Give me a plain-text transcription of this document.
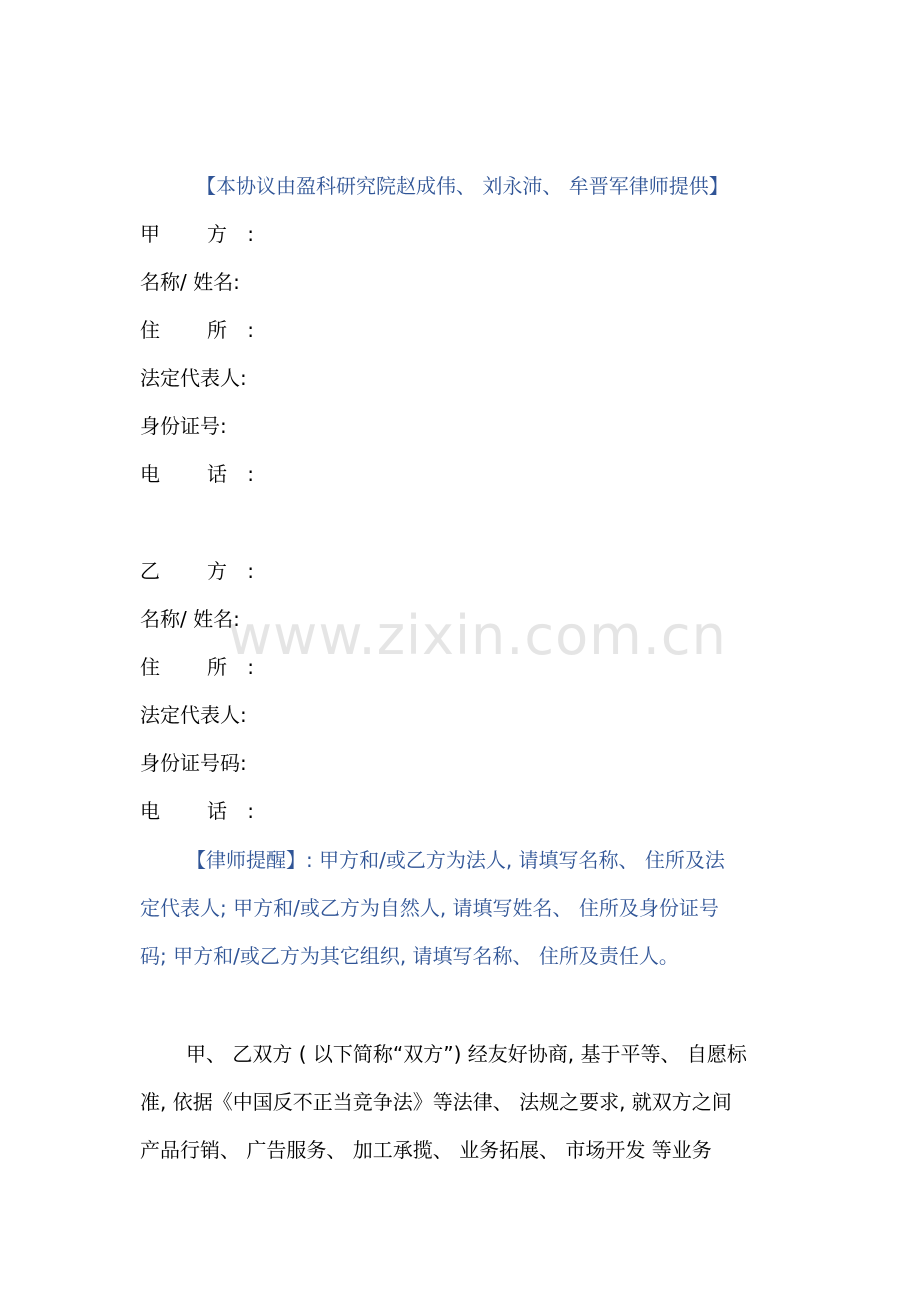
【本协议由盈科研究院赵成伟、 刘永沛、 牟晋军律师提供】
甲 方:
名称/ 姓名:
住 所:
法定代表人:
身份证号:
电 话:
乙 方:
名称/ 姓名:
住 所:
法定代表人:
身份证号码:
电 话:
【律师提醒】: 甲方和/或乙方为法人, 请填写名称、 住所及法
定代表人; 甲方和/或乙方为自然人, 请填写姓名、 住所及身份证号
码; 甲方和/或乙方为其它组织, 请填写名称、 住所及责任人。
甲、 乙双方 ( 以下简称“双方”) 经友好协商, 基于平等、 自愿标
准, 依据《中国反不正当竞争法》等法律、 法规之要求, 就双方之间
产品行销、 广告服务、 加工承揽、 业务拓展、 市场开发 等业务
www.zixin.com.cn
